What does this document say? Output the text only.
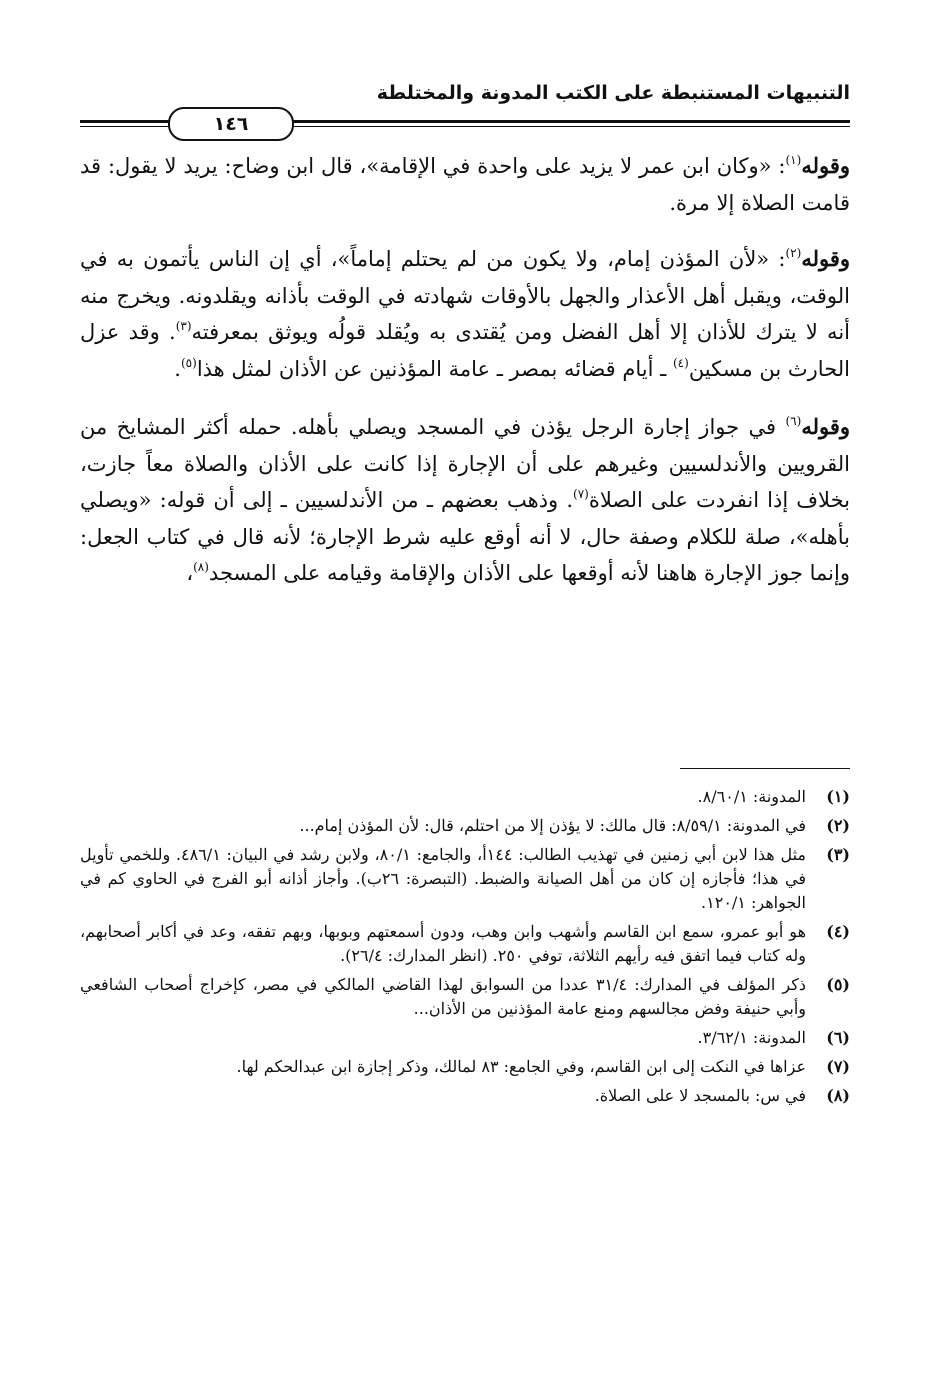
التنبيهات المستنبطة على الكتب المدونة والمختلطة
١٤٦

وقوله$^{(١)}$: «وكان ابن عمر لا يزيد على واحدة في الإقامة»، قال ابن وضاح: يريد لا يقول: قد قامت الصلاة إلا مرة.

وقوله$^{(٢)}$: «لأن المؤذن إمام، ولا يكون من لم يحتلم إماماً»، أي إن الناس يأتمون به في الوقت، ويقبل أهل الأعذار والجهل بالأوقات شهادته في الوقت بأذانه ويقلدونه. ويخرج منه أنه لا يترك للأذان إلا أهل الفضل ومن يُقتدى به ويُقلد قولُه ويوثق بمعرفته$^{(٣)}$. وقد عزل الحارث بن مسكين$^{(٤)}$ ـ أيام قضائه بمصر ـ عامة المؤذنين عن الأذان لمثل هذا$^{(٥)}$.

وقوله$^{(٦)}$ في جواز إجارة الرجل يؤذن في المسجد ويصلي بأهله. حمله أكثر المشايخ من القرويين والأندلسيين وغيرهم على أن الإجارة إذا كانت على الأذان والصلاة معاً جازت، بخلاف إذا انفردت على الصلاة$^{(٧)}$. وذهب بعضهم ـ من الأندلسيين ـ إلى أن قوله: «ويصلي بأهله»، صلة للكلام وصفة حال، لا أنه أوقع عليه شرط الإجارة؛ لأنه قال في كتاب الجعل: وإنما جوز الإجارة هاهنا لأنه أوقعها على الأذان والإقامة وقيامه على المسجد$^{(٨)}$،

(١)
المدونة: ٨/٦٠/١.
(٢)
في المدونة: ٨/٥٩/١: قال مالك: لا يؤذن إلا من احتلم، قال: لأن المؤذن إمام...
(٣)
مثل هذا لابن أبي زمنين في تهذيب الطالب: ١٤٤أ، والجامع: ٨٠/١، ولابن رشد في البيان: ٤٨٦/١. وللخمي تأويل في هذا؛ فأجازه إن كان من أهل الصيانة والضبط. (التبصرة: ٢٦ب). وأجاز أذانه أبو الفرج في الحاوي كم في الجواهر: ١٢٠/١.
(٤)
هو أبو عمرو، سمع ابن القاسم وأشهب وابن وهب، ودون أسمعتهم وبوبها، وبهم تفقه، وعد في أكابر أصحابهم، وله كتاب فيما اتفق فيه رأيهم الثلاثة، توفي ٢٥٠. (انظر المدارك: ٢٦/٤).
(٥)
ذكر المؤلف في المدارك: ٣١/٤ عددا من السوابق لهذا القاضي المالكي في مصر، كإخراج أصحاب الشافعي وأبي حنيفة وفض مجالسهم ومنع عامة المؤذنين من الأذان...
(٦)
المدونة: ٣/٦٢/١.
(٧)
عزاها في النكت إلى ابن القاسم، وفي الجامع: ٨٣ لمالك، وذكر إجازة ابن عبدالحكم لها.
(٨)
في س: بالمسجد لا على الصلاة.
